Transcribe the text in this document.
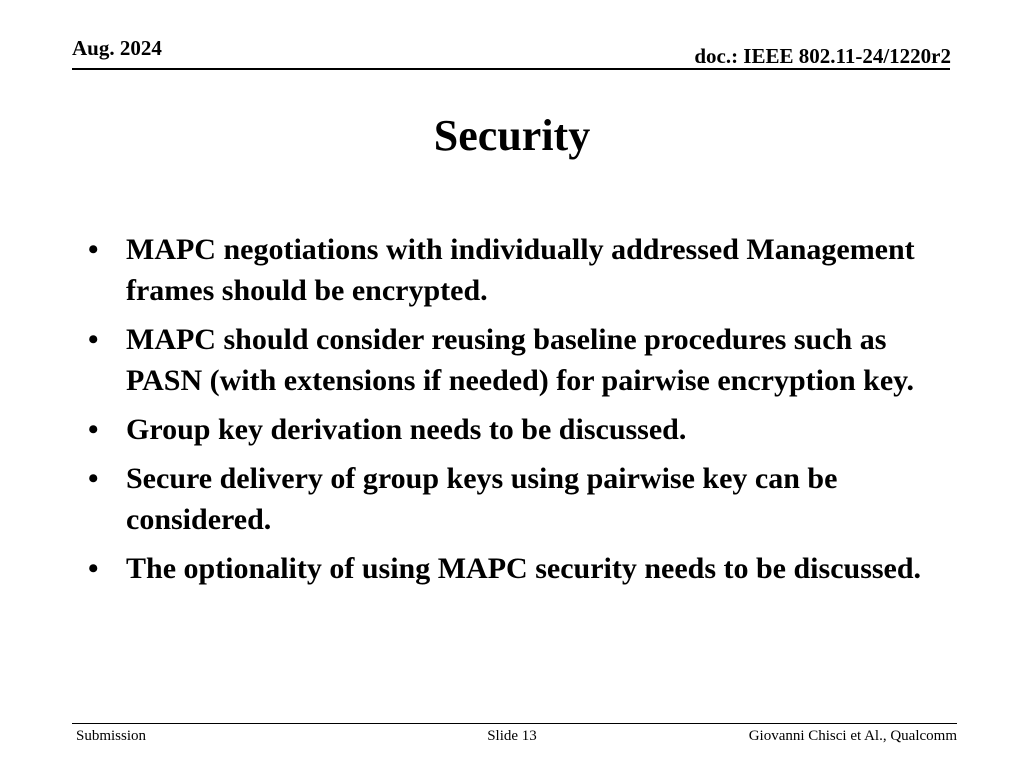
Aug. 2024	doc.: IEEE 802.11-24/1220r2
Security
• MAPC negotiations with individually addressed Management frames should be encrypted.
• MAPC should consider reusing baseline procedures such as PASN (with extensions if needed) for pairwise encryption key.
• Group key derivation needs to be discussed.
• Secure delivery of group keys using pairwise key can be considered.
• The optionality of using MAPC security needs to be discussed.
Submission	Slide 13	Giovanni Chisci et Al., Qualcomm
